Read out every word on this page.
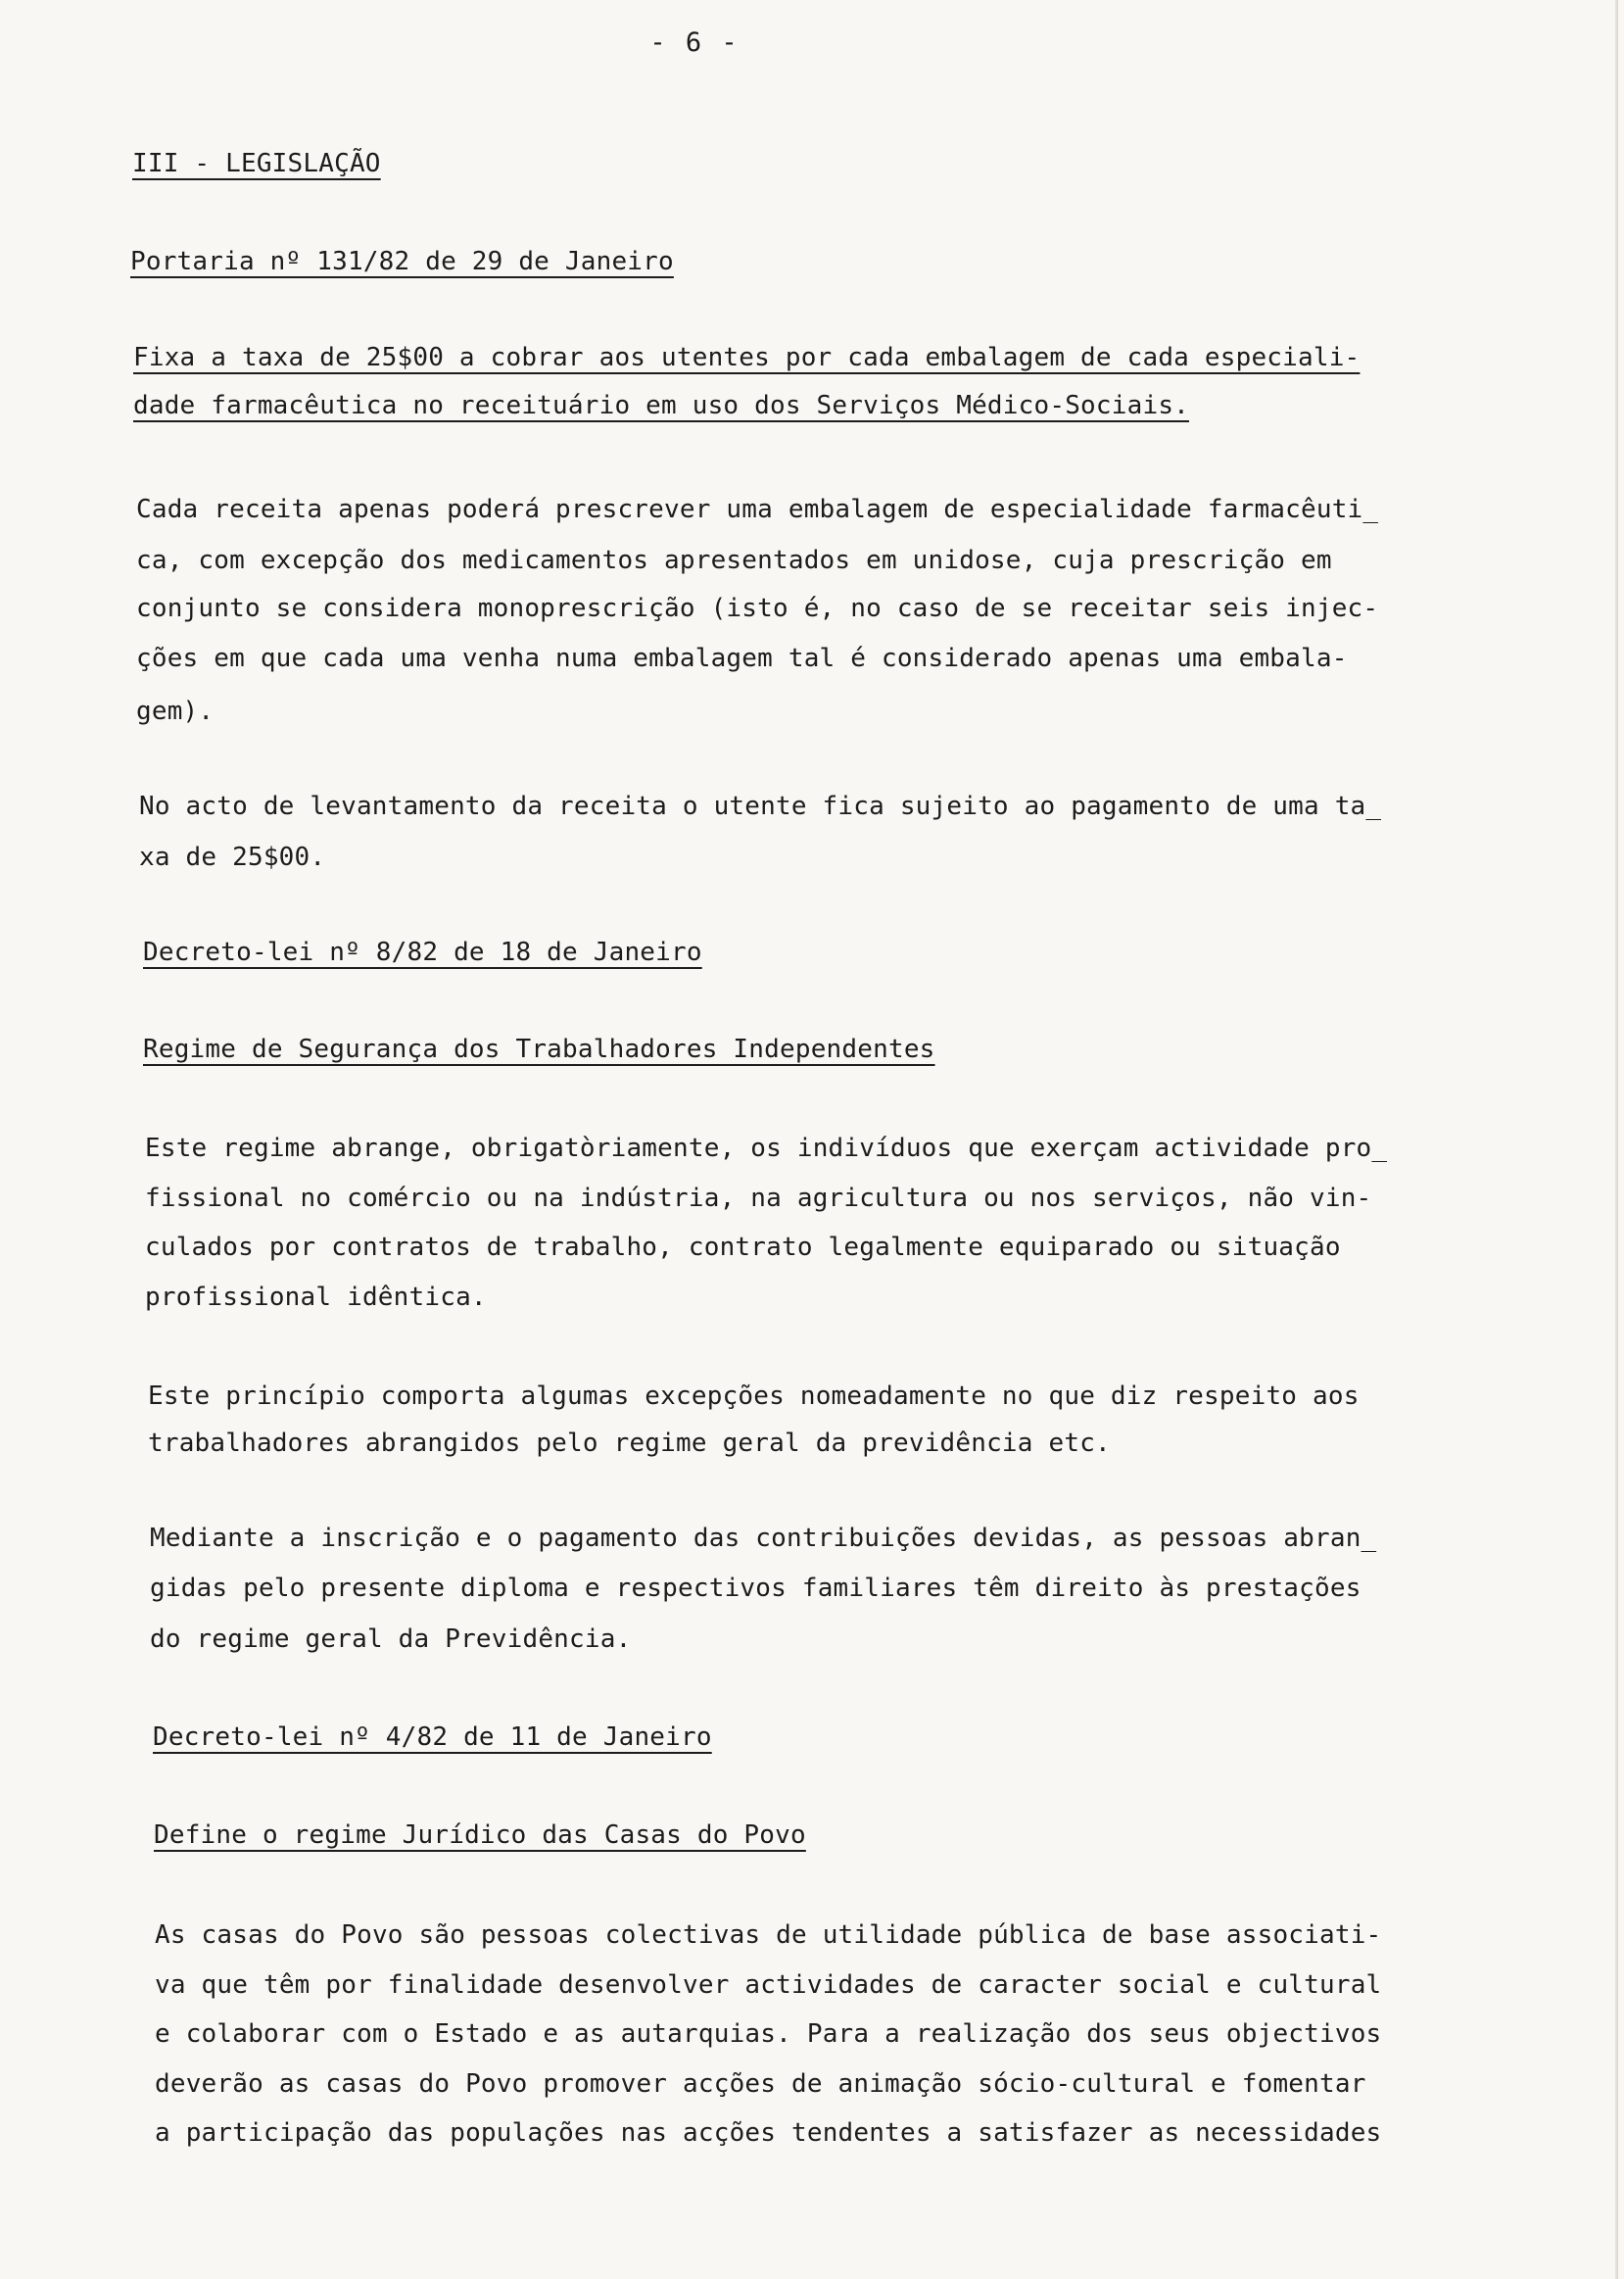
- 6 -
III - LEGISLAÇÃO
Portaria nº 131/82 de 29 de Janeiro
Fixa a taxa de 25$00 a cobrar aos utentes por cada embalagem de cada especiali-
dade farmacêutica no receituário em uso dos Serviços Médico-Sociais.
Cada receita apenas poderá prescrever uma embalagem de especialidade farmacêuti_
ca, com excepção dos medicamentos apresentados em unidose, cuja prescrição em
conjunto se considera monoprescrição (isto é, no caso de se receitar seis injec-
ções em que cada uma venha numa embalagem tal é considerado apenas uma embala-
gem).
No acto de levantamento da receita o utente fica sujeito ao pagamento de uma ta_
xa de 25$00.
Decreto-lei nº 8/82 de 18 de Janeiro
Regime de Segurança dos Trabalhadores Independentes
Este regime abrange, obrigatòriamente, os indivíduos que exerçam actividade pro_
fissional no comércio ou na indústria, na agricultura ou nos serviços, não vin-
culados por contratos de trabalho, contrato legalmente equiparado ou situação
profissional idêntica.
Este princípio comporta algumas excepções nomeadamente no que diz respeito aos
trabalhadores abrangidos pelo regime geral da previdência etc.
Mediante a inscrição e o pagamento das contribuições devidas, as pessoas abran_
gidas pelo presente diploma e respectivos familiares têm direito às prestações
do regime geral da Previdência.
Decreto-lei nº 4/82 de 11 de Janeiro
Define o regime Jurídico das Casas do Povo
As casas do Povo são pessoas colectivas de utilidade pública de base associati-
va que têm por finalidade desenvolver actividades de caracter social e cultural
e colaborar com o Estado e as autarquias. Para a realização dos seus objectivos
deverão as casas do Povo promover acções de animação sócio-cultural e fomentar
a participação das populações nas acções tendentes a satisfazer as necessidades
